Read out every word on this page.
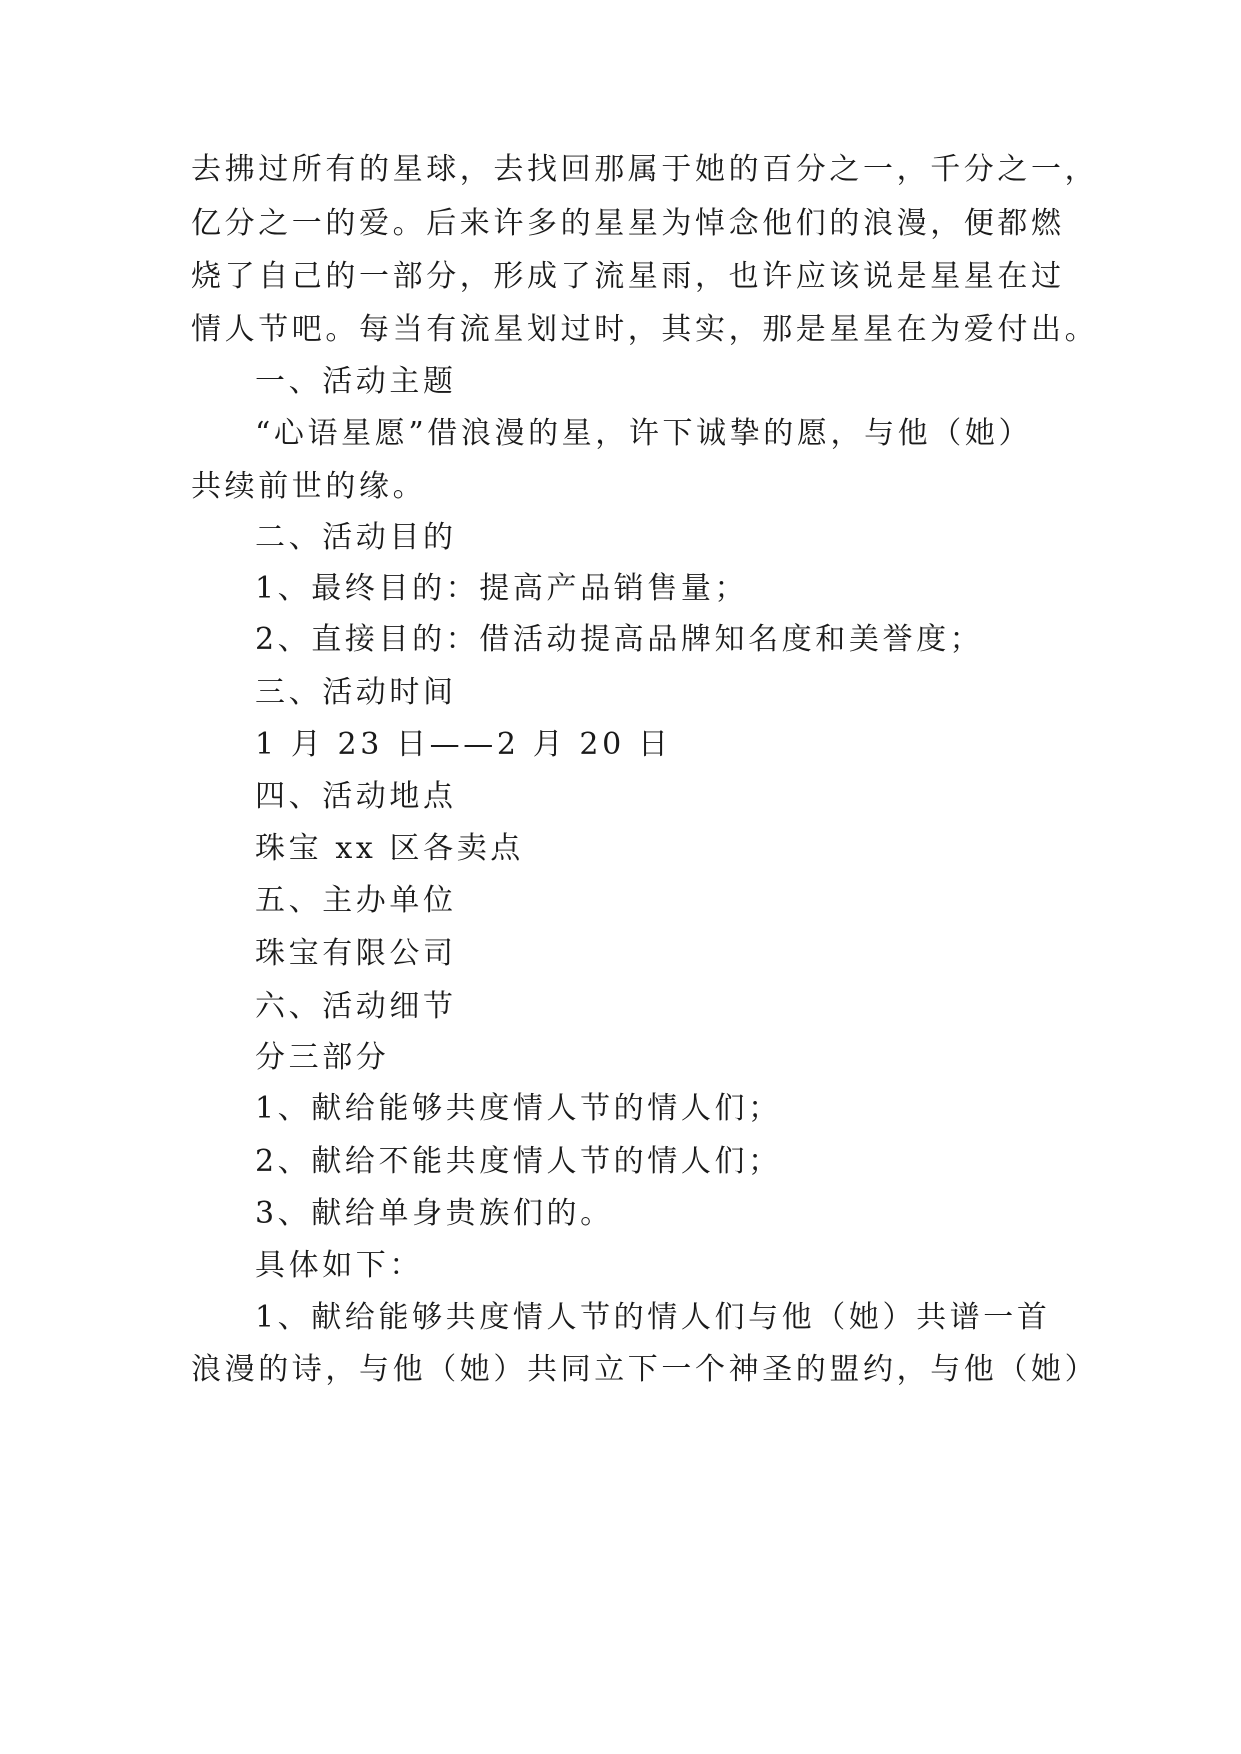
去拂过所有的星球，去找回那属于她的百分之一，千分之一，
亿分之一的爱。后来许多的星星为悼念他们的浪漫，便都燃
烧了自己的一部分，形成了流星雨，也许应该说是星星在过
情人节吧。每当有流星划过时，其实，那是星星在为爱付出。
一、活动主题
“心语星愿”借浪漫的星，许下诚挚的愿，与他（她）
共续前世的缘。
二、活动目的
1、最终目的：提高产品销售量；
2、直接目的：借活动提高品牌知名度和美誉度；
三、活动时间
1 月 23 日——2 月 20 日
四、活动地点
珠宝 xx 区各卖点
五、主办单位
珠宝有限公司
六、活动细节
分三部分
1、献给能够共度情人节的情人们；
2、献给不能共度情人节的情人们；
3、献给单身贵族们的。
具体如下：
1、献给能够共度情人节的情人们与他（她）共谱一首
浪漫的诗，与他（她）共同立下一个神圣的盟约，与他（她）
